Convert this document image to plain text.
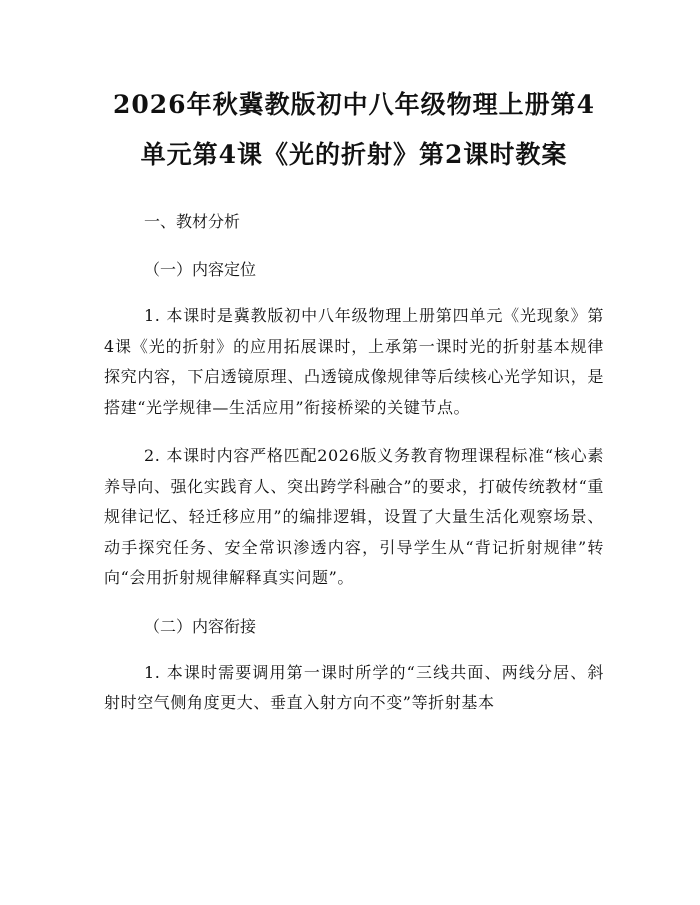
2026年秋冀教版初中八年级物理上册第4单元第4课《光的折射》第2课时教案

一、教材分析

（一）内容定位

1. 本课时是冀教版初中八年级物理上册第四单元《光现象》第4课《光的折射》的应用拓展课时，上承第一课时光的折射基本规律探究内容，下启透镜原理、凸透镜成像规律等后续核心光学知识，是搭建“光学规律—生活应用”衔接桥梁的关键节点。

2. 本课时内容严格匹配2026版义务教育物理课程标准“核心素养导向、强化实践育人、突出跨学科融合”的要求，打破传统教材“重规律记忆、轻迁移应用”的编排逻辑，设置了大量生活化观察场景、动手探究任务、安全常识渗透内容，引导学生从“背记折射规律”转向“会用折射规律解释真实问题”。

（二）内容衔接

1. 本课时需要调用第一课时所学的“三线共面、两线分居、斜射时空气侧角度更大、垂直入射方向不变”等折射基本
